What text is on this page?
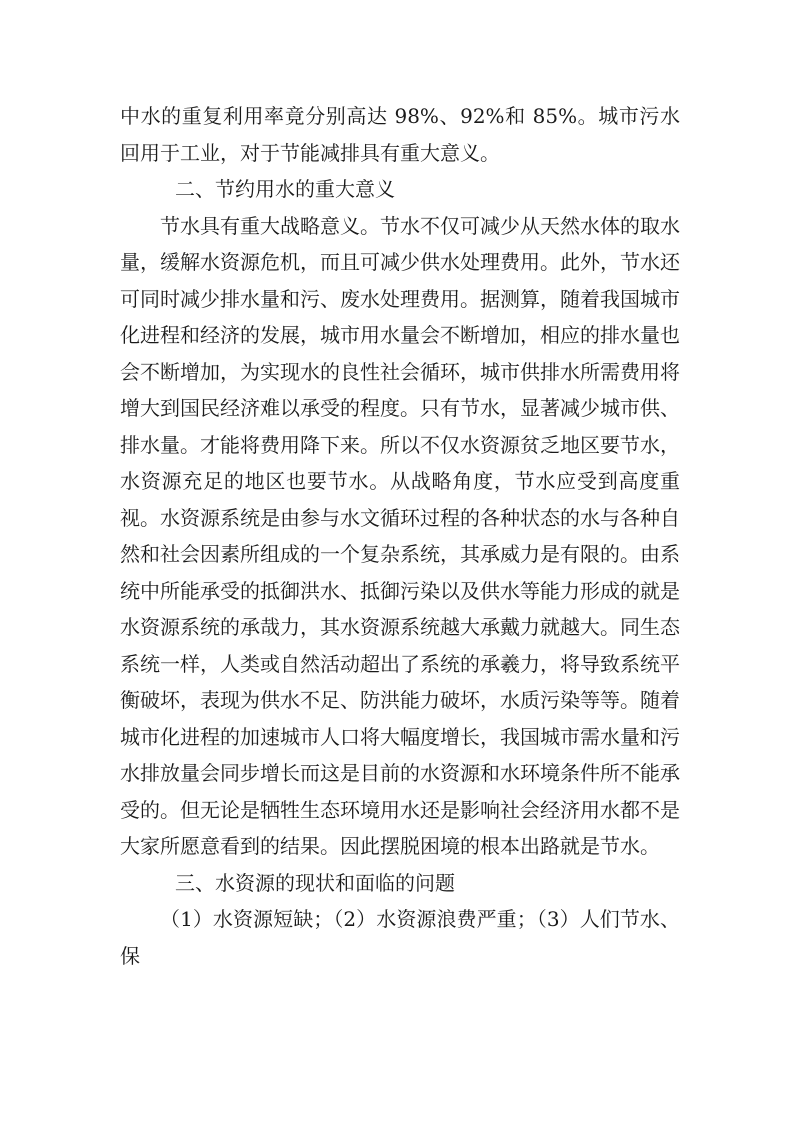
中水的重复利用率竟分别高达 98%、92%和 85%。城市污水回用于工业，对于节能减排具有重大意义。

二、节约用水的重大意义

节水具有重大战略意义。节水不仅可减少从天然水体的取水量，缓解水资源危机，而且可减少供水处理费用。此外，节水还可同时减少排水量和污、废水处理费用。据测算，随着我国城市化进程和经济的发展，城市用水量会不断增加，相应的排水量也会不断增加，为实现水的良性社会循环，城市供排水所需费用将增大到国民经济难以承受的程度。只有节水，显著减少城市供、排水量。才能将费用降下来。所以不仅水资源贫乏地区要节水，水资源充足的地区也要节水。从战略角度，节水应受到高度重视。水资源系统是由参与水文循环过程的各种状态的水与各种自然和社会因素所组成的一个复杂系统，其承威力是有限的。由系统中所能承受的抵御洪水、抵御污染以及供水等能力形成的就是水资源系统的承哉力，其水资源系统越大承戴力就越大。同生态系统一样，人类或自然活动超出了系统的承羲力，将导致系统平衡破坏，表现为供水不足、防洪能力破坏，水质污染等等。随着城市化进程的加速城市人口将大幅度增长，我国城市需水量和污水排放量会同步增长而这是目前的水资源和水环境条件所不能承受的。但无论是牺牲生态环境用水还是影响社会经济用水都不是大家所愿意看到的结果。因此摆脱困境的根本出路就是节水。

三、水资源的现状和面临的问题

（1）水资源短缺；（2）水资源浪费严重；（3）人们节水、保
